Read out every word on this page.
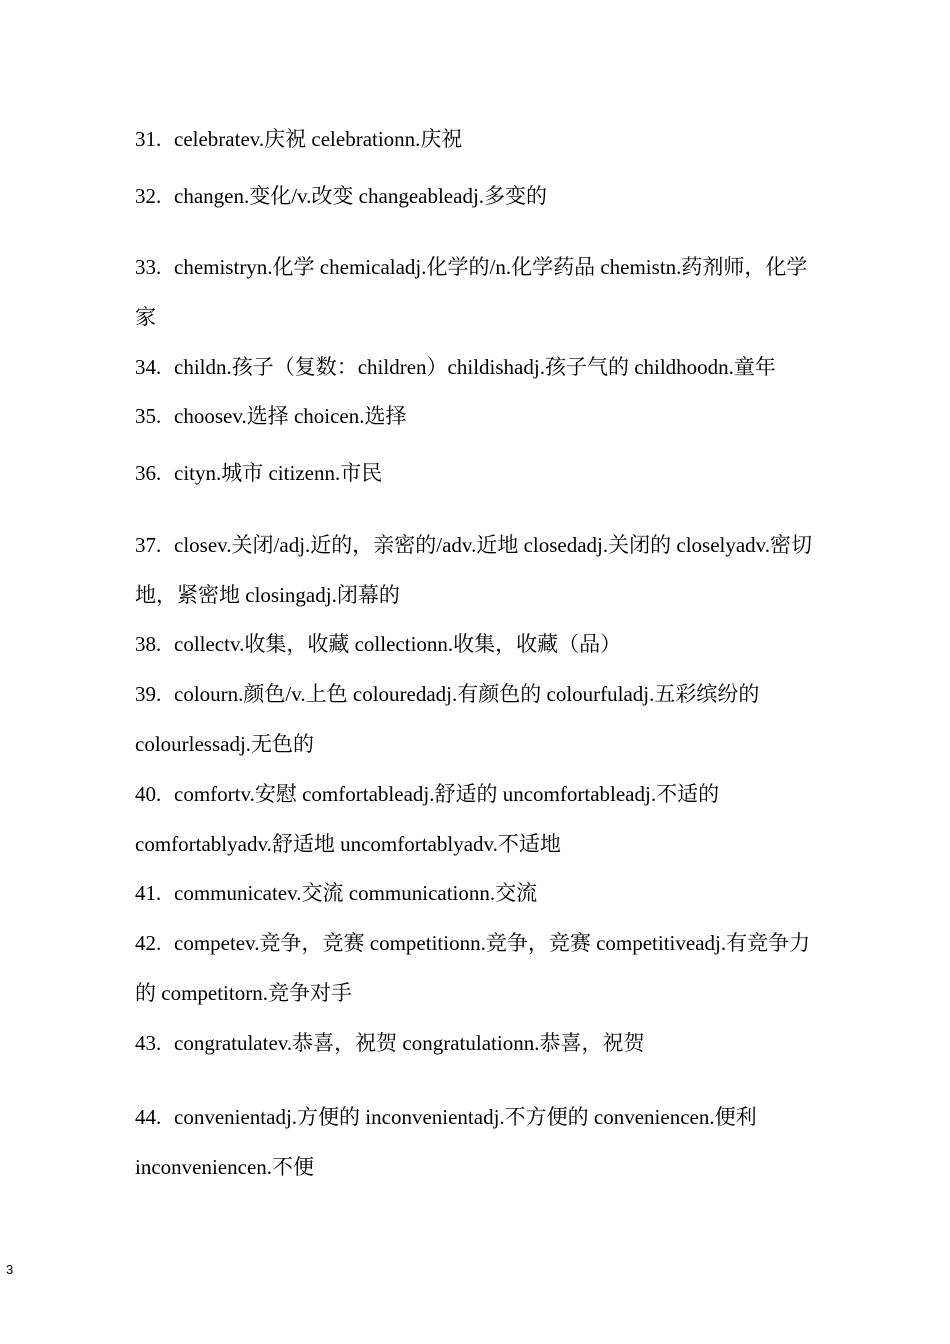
31. celebratev.庆祝 celebrationn.庆祝
32. changen.变化/v.改变 changeableadj.多变的
33. chemistryn.化学 chemicaladj.化学的/n.化学药品 chemistn.药剂师，化学家
34. childn.孩子（复数：children）childishadj.孩子气的 childhoodn.童年
35. choosev.选择 choicen.选择
36. cityn.城市 citizenn.市民
37. closev.关闭/adj.近的，亲密的/adv.近地 closedadj.关闭的 closelyadv.密切地，紧密地 closingadj.闭幕的
38. collectv.收集，收藏 collectionn.收集，收藏（品）
39. colourn.颜色/v.上色 colouredadj.有颜色的 colourfuladj.五彩缤纷的 colourlessadj.无色的
40. comfortv.安慰 comfortableadj.舒适的 uncomfortableadj.不适的 comfortablyadv.舒适地 uncomfortablyadv.不适地
41. communicatev.交流 communicationn.交流
42. competev.竞争，竞赛 competitionn.竞争，竞赛 competitiveadj.有竞争力的 competitorn.竞争对手
43. congratulatev.恭喜，祝贺 congratulationn.恭喜，祝贺
44. convenientadj.方便的 inconvenientadj.不方便的 conveniencen.便利 inconveniencen.不便
3
